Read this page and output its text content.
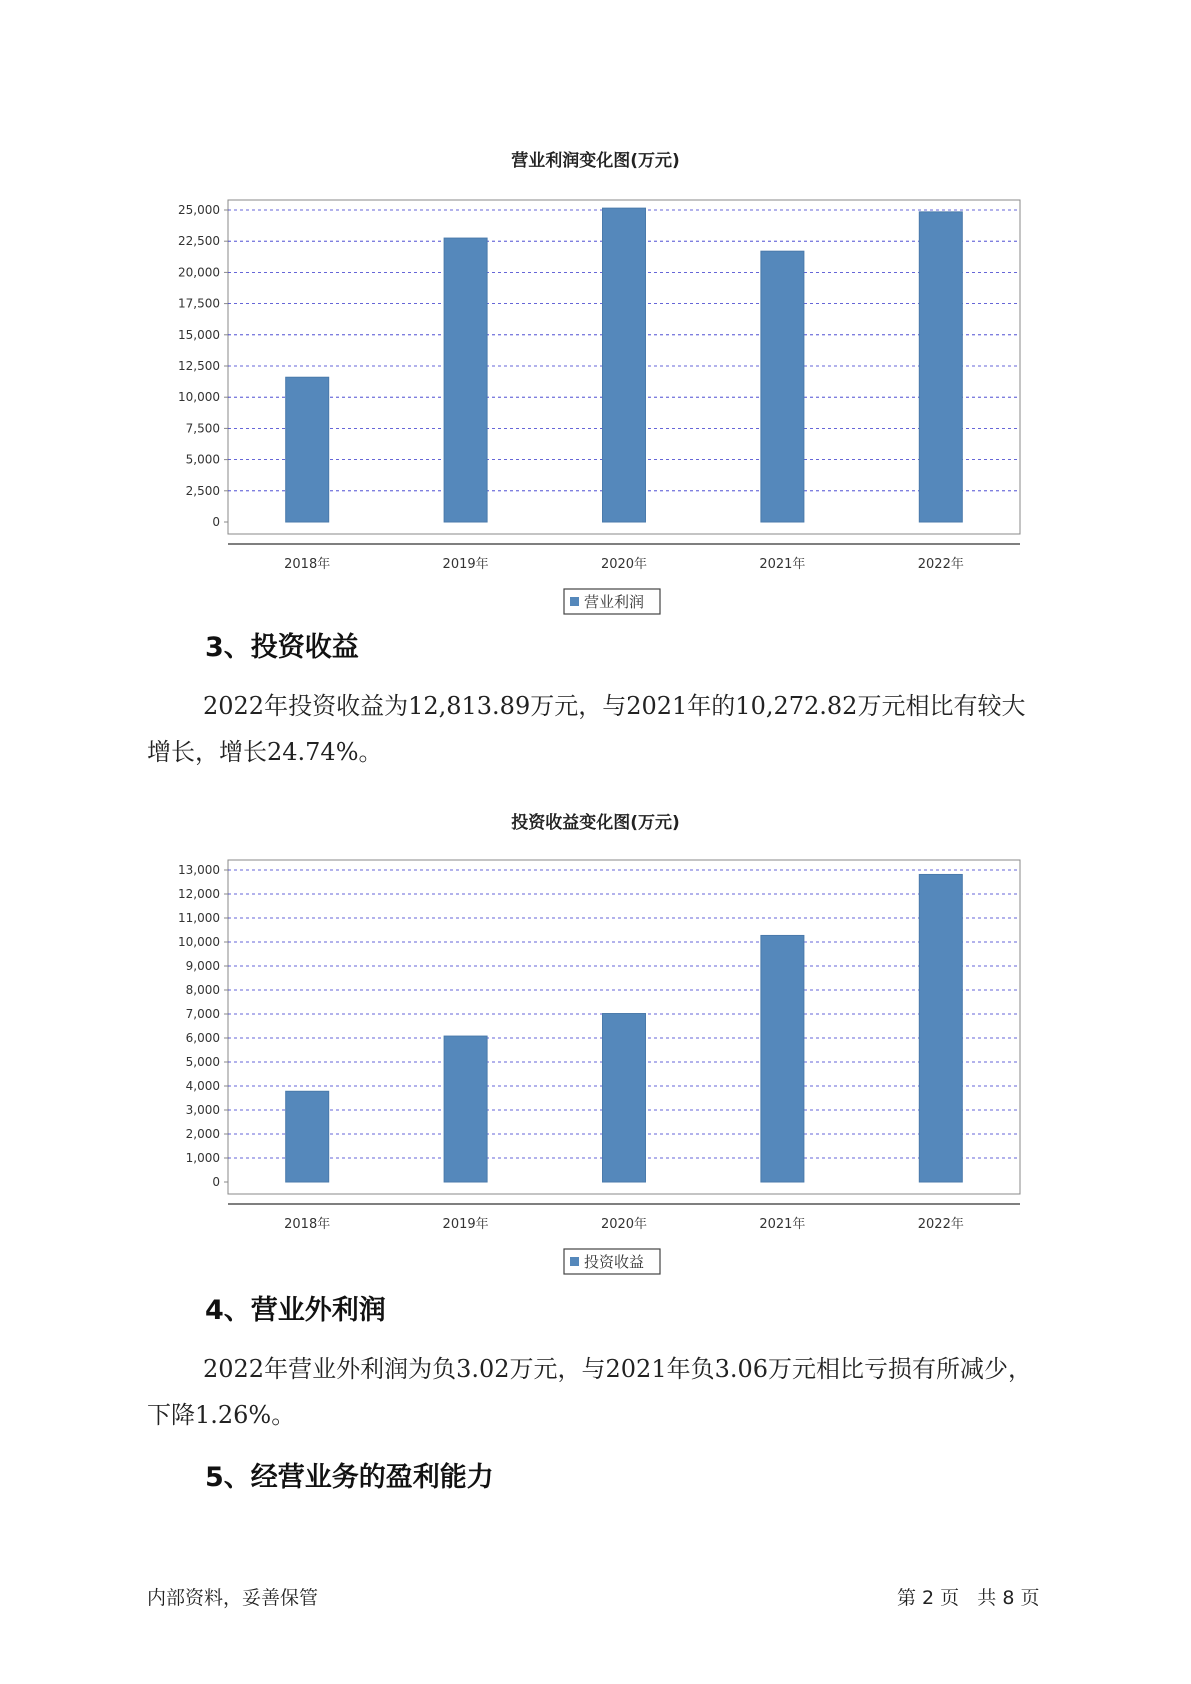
营业利润变化图(万元)
0
2,500
5,000
7,500
10,000
12,500
15,000
17,500
20,000
22,500
25,000
2018年	2019年	2020年	2021年	2022年
营业利润
3、投资收益

2022年投资收益为12,813.89万元，与2021年的10,272.82万元相比有较大增长，增长24.74%。

投资收益变化图(万元)
0
1,000
2,000
3,000
4,000
5,000
6,000
7,000
8,000
9,000
10,000
11,000
12,000
13,000
2018年	2019年	2020年	2021年	2022年
投资收益
4、营业外利润

2022年营业外利润为负3.02万元，与2021年负3.06万元相比亏损有所减少，下降1.26%。

5、经营业务的盈利能力
内部资料，妥善保管	第 2 页   共 8 页
